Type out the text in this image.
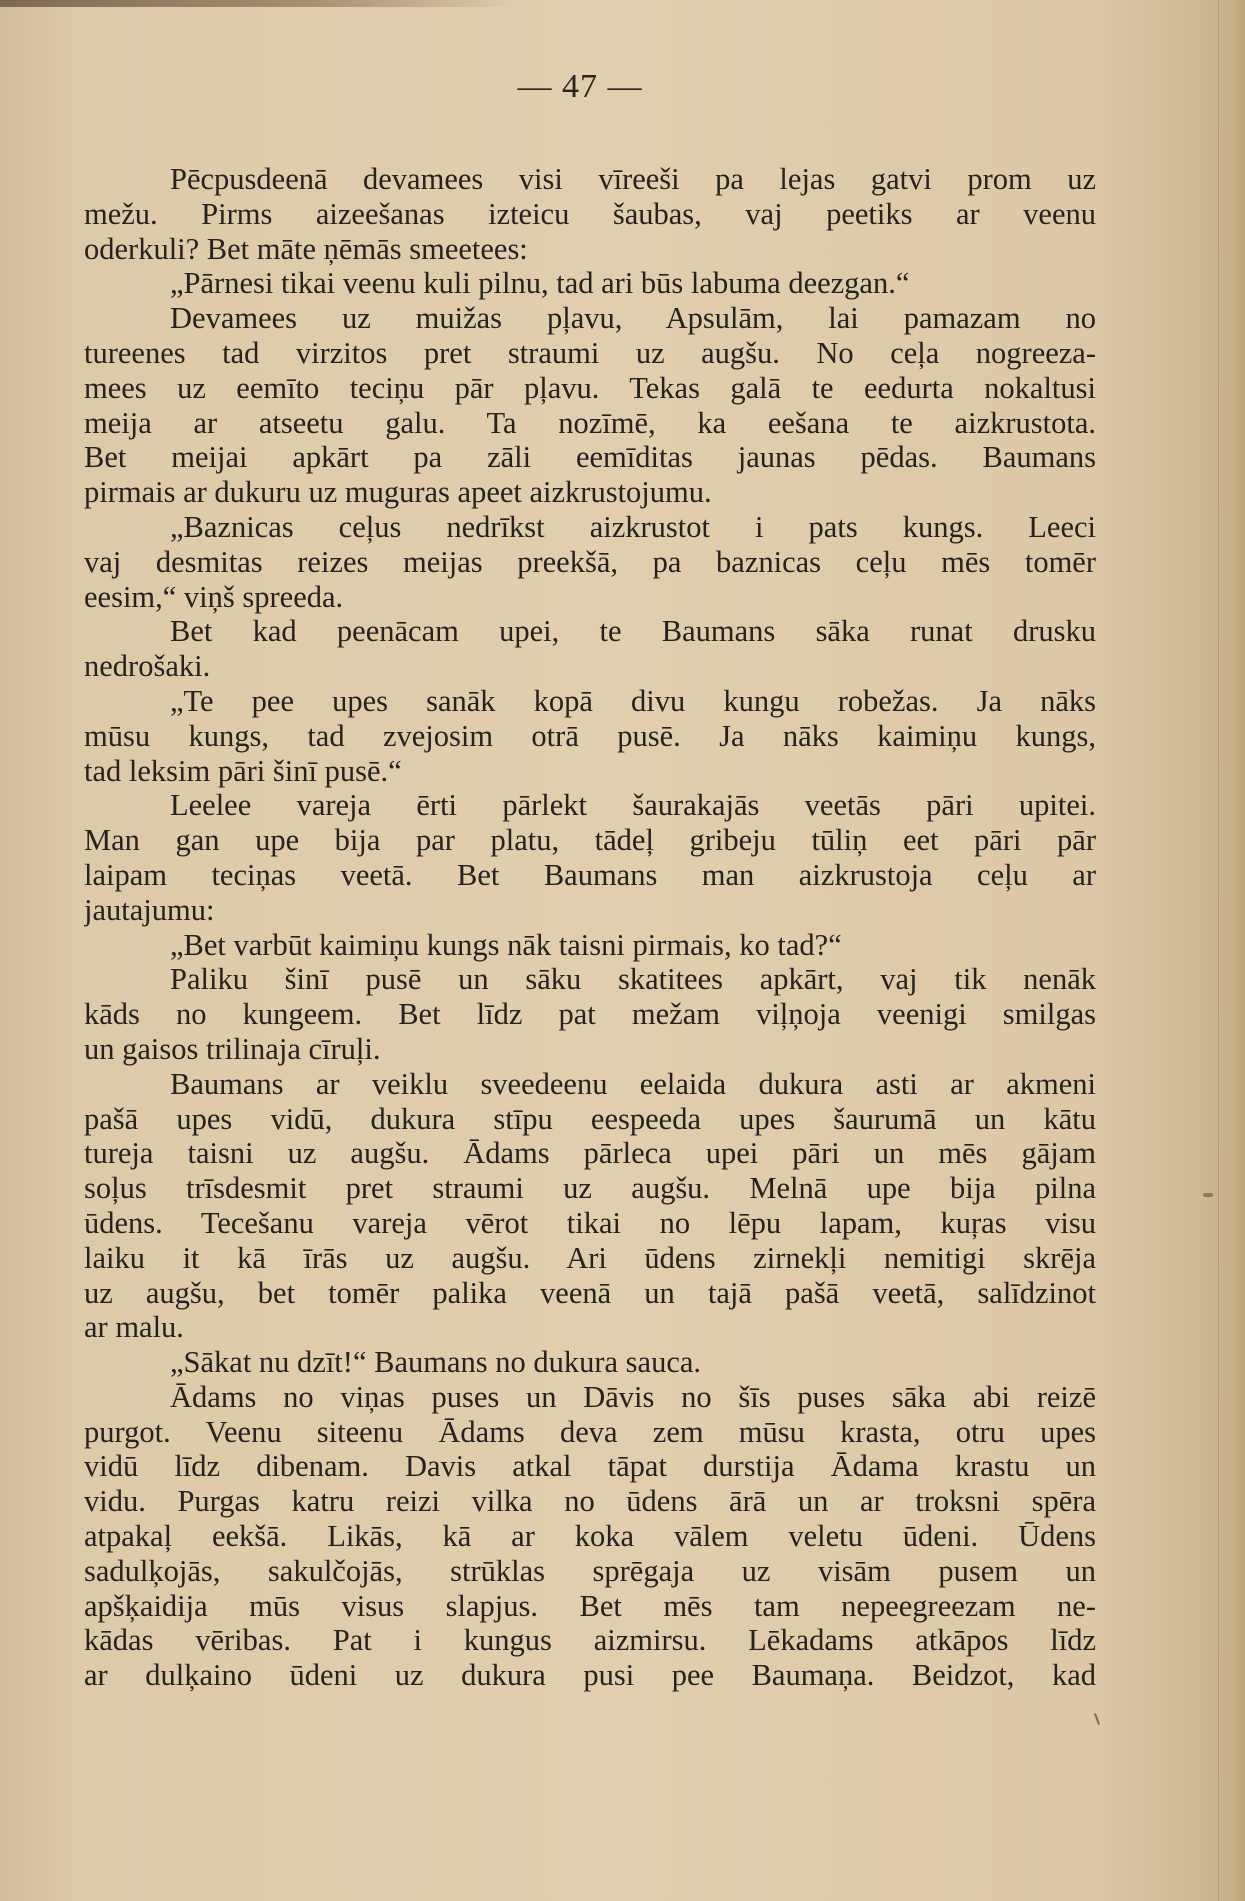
— 47 —
Pēcpusdeenā devamees visi vīreeši pa lejas gatvi prom uz
mežu. Pirms aizeešanas izteicu šaubas, vaj peetiks ar veenu
oderkuli? Bet māte ņēmās smeetees:
„Pārnesi tikai veenu kuli pilnu, tad ari būs labuma deezgan.“
Devamees uz muižas pļavu, Apsulām, lai pamazam no
tureenes tad virzitos pret straumi uz augšu. No ceļa nogreeza-
mees uz eemīto teciņu pār pļavu. Tekas galā te eedurta nokaltusi
meija ar atseetu galu. Ta nozīmē, ka eešana te aizkrustota.
Bet meijai apkārt pa zāli eemīditas jaunas pēdas. Baumans
pirmais ar dukuru uz muguras apeet aizkrustojumu.
„Baznicas ceļus nedrīkst aizkrustot i pats kungs. Leeci
vaj desmitas reizes meijas preekšā, pa baznicas ceļu mēs tomēr
eesim,“ viņš spreeda.
Bet kad peenācam upei, te Baumans sāka runat drusku
nedrošaki.
„Te pee upes sanāk kopā divu kungu robežas. Ja nāks
mūsu kungs, tad zvejosim otrā pusē. Ja nāks kaimiņu kungs,
tad leksim pāri šinī pusē.“
Leelee vareja ērti pārlekt šaurakajās veetās pāri upitei.
Man gan upe bija par platu, tādeļ gribeju tūliņ eet pāri pār
laipam teciņas veetā. Bet Baumans man aizkrustoja ceļu ar
jautajumu:
„Bet varbūt kaimiņu kungs nāk taisni pirmais, ko tad?“
Paliku šinī pusē un sāku skatitees apkārt, vaj tik nenāk
kāds no kungeem. Bet līdz pat mežam viļņoja veenigi smilgas
un gaisos trilinaja cīruļi.
Baumans ar veiklu sveedeenu eelaida dukura asti ar akmeni
pašā upes vidū, dukura stīpu eespeeda upes šaurumā un kātu
tureja taisni uz augšu. Ādams pārleca upei pāri un mēs gājam
soļus trīsdesmit pret straumi uz augšu. Melnā upe bija pilna
ūdens. Tecešanu vareja vērot tikai no lēpu lapam, kuŗas visu
laiku it kā īrās uz augšu. Ari ūdens zirnekļi nemitigi skrēja
uz augšu, bet tomēr palika veenā un tajā pašā veetā, salīdzinot
ar malu.
„Sākat nu dzīt!“ Baumans no dukura sauca.
Ādams no viņas puses un Dāvis no šīs puses sāka abi reizē
purgot. Veenu siteenu Ādams deva zem mūsu krasta, otru upes
vidū līdz dibenam. Davis atkal tāpat durstija Ādama krastu un
vidu. Purgas katru reizi vilka no ūdens ārā un ar troksni spēra
atpakaļ eekšā. Likās, kā ar koka vālem veletu ūdeni. Ūdens
sadulķojās, sakulčojās, strūklas sprēgaja uz visām pusem un
apšķaidija mūs visus slapjus. Bet mēs tam nepeegreezam ne-
kādas vēribas. Pat i kungus aizmirsu. Lēkadams atkāpos līdz
ar dulķaino ūdeni uz dukura pusi pee Baumaņa. Beidzot, kad
